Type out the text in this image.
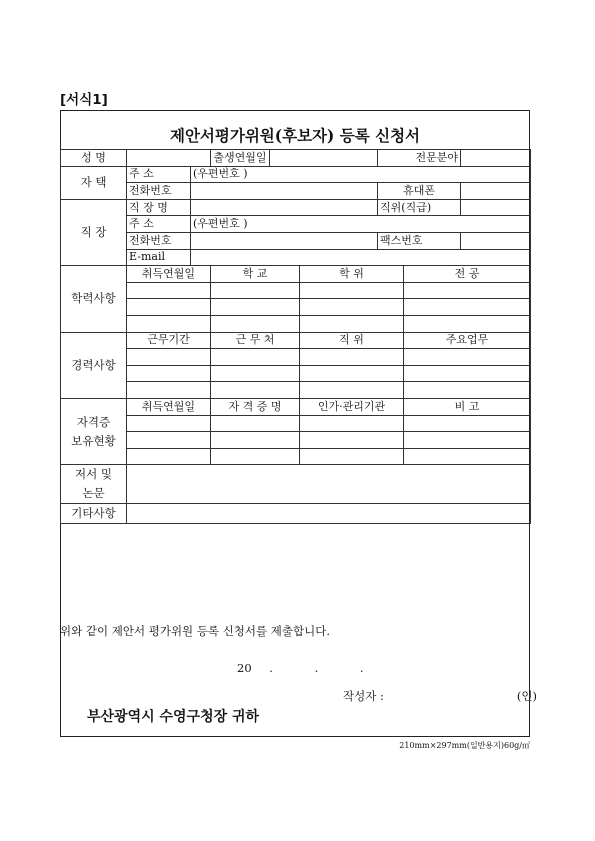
[서식1]
제안서평가위원(후보자) 등록 신청서
성 명			출생연월일			전문분야		
자 택	주 소	(우편번호 )						
	전화번호					휴대폰		
직 장	직 장 명					직위(직급)		
	주 소	(우편번호 )						
	전화번호					팩스번호		
	E-mail							
학력사항	취득연월일		학 교		학 위		전 공	

경력사항	근무기간		근 무 처		직 위		주요업무	

자격증
보유현황	취득연월일		자 격 증 명		인가·관리기관		비 고	

저서 및
논문								
기타사항								
위와 같이 제안서 평가위원 등록 신청서를 제출합니다.
20 .	.	.
작성자 :	(인)
부산광역시 수영구청장 귀하
210mm×297mm(일반용지)60g/㎡
